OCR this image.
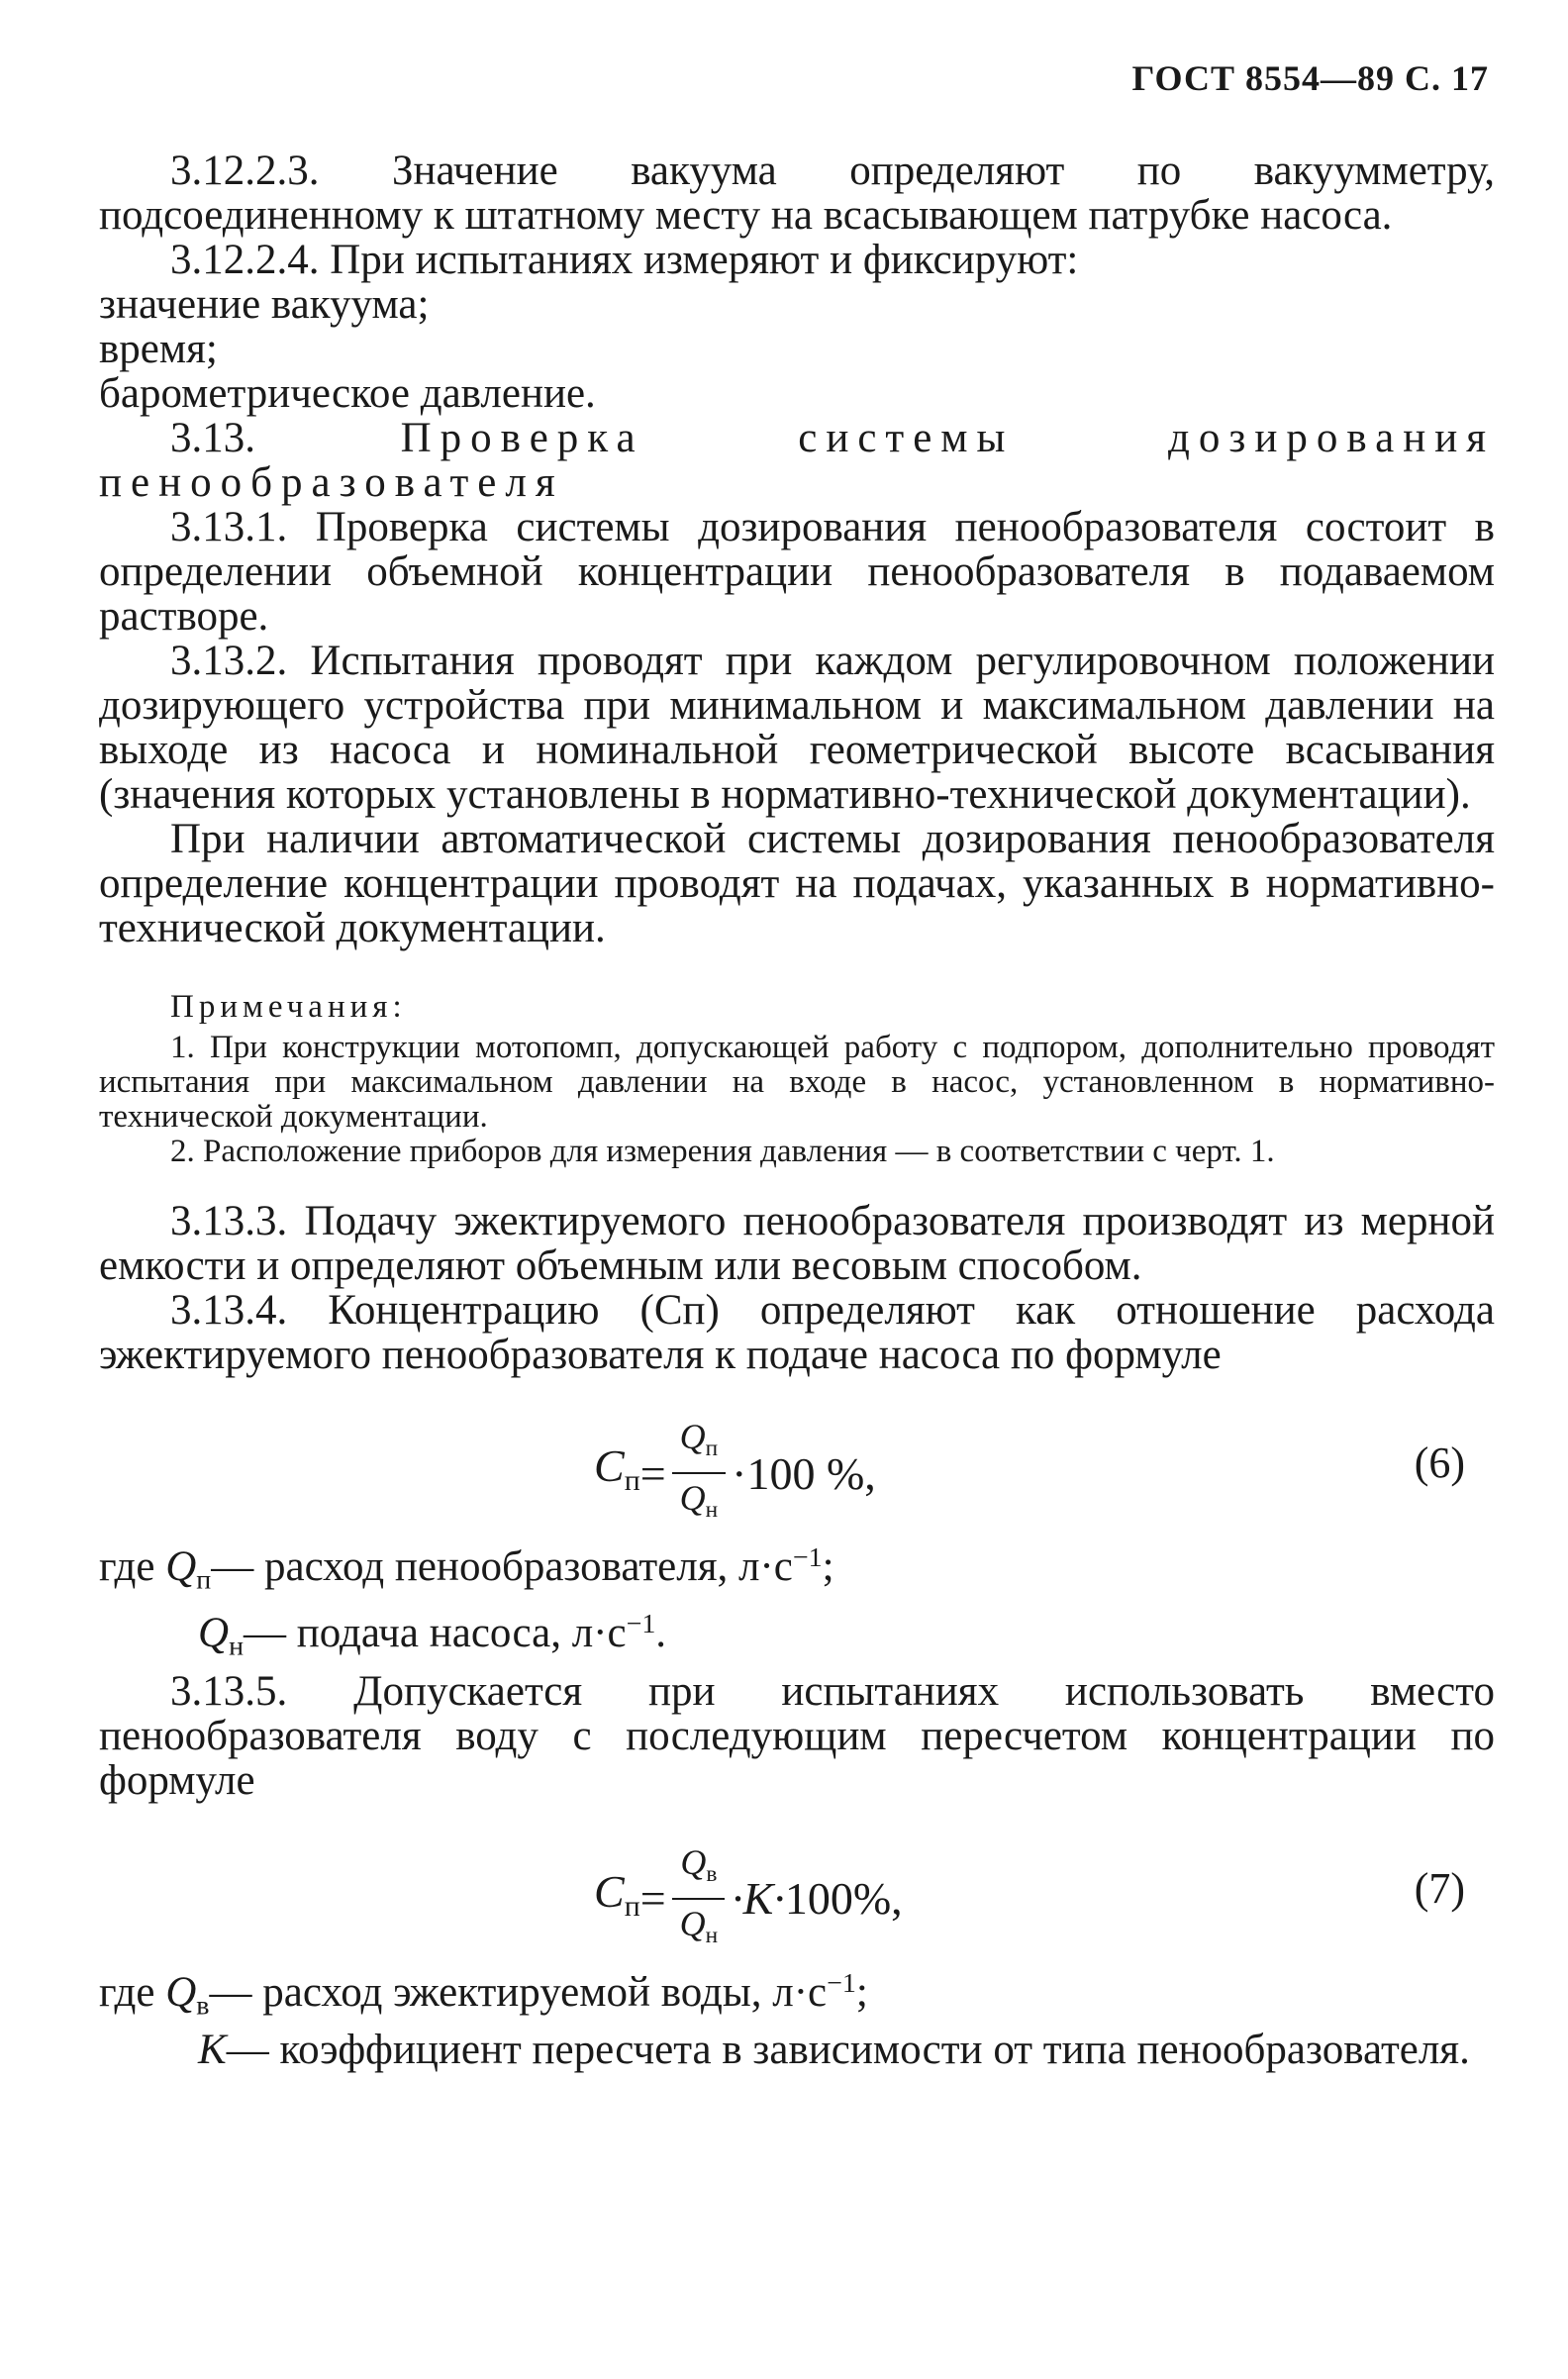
ГОСТ 8554—89 С. 17

3.12.2.3. Значение вакуума определяют по вакуумметру, подсоединенному к штатному месту на всасывающем патрубке насоса.

3.12.2.4. При испытаниях измеряют и фиксируют:

значение вакуума;

время;

барометрическое давление.

3.13.	Проверка системы дозирования пенообразователя

3.13.1. Проверка системы дозирования пенообразователя состоит в определении объемной концентрации пенообразователя в подаваемом растворе.

3.13.2. Испытания проводят при каждом регулировочном положении дозирующего устройства при минимальном и максимальном давлении на выходе из насоса и номинальной геометрической высоте всасывания (значения которых установлены в нормативно-технической документации).

При наличии автоматической системы дозирования пенообразователя определение концентрации проводят на подачах, указанных в нормативно-технической документации.

Примечания:

1. При конструкции мотопомп, допускающей работу с подпором, дополнительно проводят испытания при максимальном давлении на входе в насос, установленном в нормативно-технической документации.

2. Расположение приборов для измерения давления — в соответствии с черт. 1.

3.13.3. Подачу эжектируемого пенообразователя производят из мерной емкости и определяют объемным или весовым способом.

3.13.4. Концентрацию (Сп) определяют как отношение расхода эжектируемого пенообразователя к подаче насоса по формуле

$C_п = \frac{Q_п}{Q_н} \cdot 100$ %,	(6)

где $Q_п—$ расход пенообразователя, $л\cdot с^{-1}$;

$Q_н—$ подача насоса, $л\cdot с^{-1}$.

3.13.5. Допускается при испытаниях использовать вместо пенообразователя воду с последующим пересчетом концентрации по формуле

$C_п = \frac{Q_в}{Q_н} \cdot K\cdot 100\%$,	(7)

где $Q_в—$ расход эжектируемой воды, $л\cdot с^{-1}$;

K— коэффициент пересчета в зависимости от типа пенообразователя.
